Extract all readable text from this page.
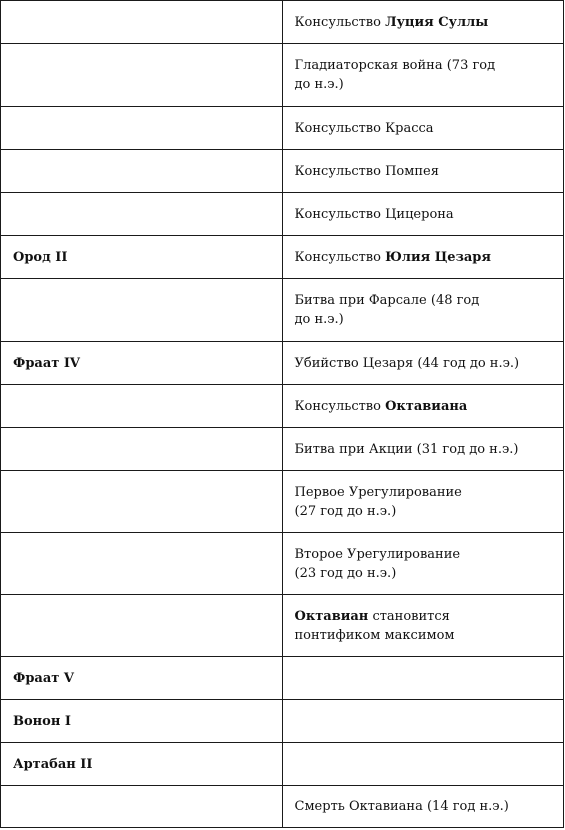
	Консульство Луция Суллы

	Гладиаторская война (73 год
до н.э.)

	Консульство Красса
	Консульство Помпея
	Консульство Цицерона
Ород II	Консульство Юлия Цезаря

	Битва при Фарсале (48 год
до н.э.)

Фраат IV	Убийство Цезаря (44 год до н.э.)
	Консульство Октавиана
	Битва при Акции (31 год до н.э.)

	Первое Урегулирование
(27 год до н.э.)

	Второе Урегулирование
(23 год до н.э.)

	Октавиан становится
понтификом максимом

Фраат V	
Вонон I	
Артабан II	
	Смерть Октавиана (14 год н.э.)
